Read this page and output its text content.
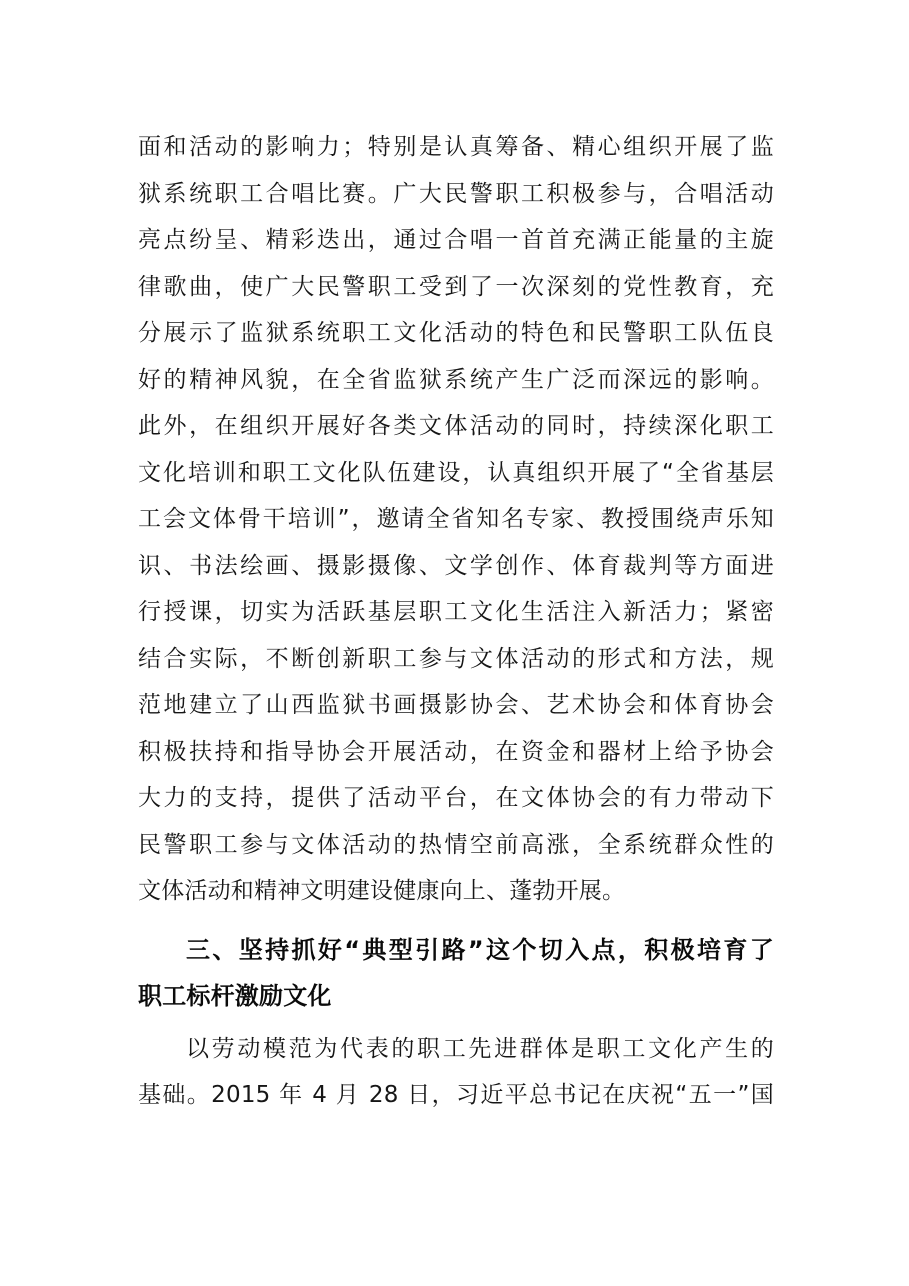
面和活动的影响力；特别是认真筹备、精心组织开展了监
狱系统职工合唱比赛。广大民警职工积极参与，合唱活动
亮点纷呈、精彩迭出，通过合唱一首首充满正能量的主旋
律歌曲，使广大民警职工受到了一次深刻的党性教育，充
分展示了监狱系统职工文化活动的特色和民警职工队伍良
好的精神风貌，在全省监狱系统产生广泛而深远的影响。
此外，在组织开展好各类文体活动的同时，持续深化职工
文化培训和职工文化队伍建设，认真组织开展了“全省基层
工会文体骨干培训”，邀请全省知名专家、教授围绕声乐知
识、书法绘画、摄影摄像、文学创作、体育裁判等方面进
行授课，切实为活跃基层职工文化生活注入新活力；紧密
结合实际，不断创新职工参与文体活动的形式和方法，规
范地建立了山西监狱书画摄影协会、艺术协会和体育协会
积极扶持和指导协会开展活动，在资金和器材上给予协会
大力的支持，提供了活动平台，在文体协会的有力带动下
民警职工参与文体活动的热情空前高涨，全系统群众性的
文体活动和精神文明建设健康向上、蓬勃开展。
三、坚持抓好“典型引路”这个切入点，积极培育了
职工标杆激励文化
以劳动模范为代表的职工先进群体是职工文化产生的
基础。2015 年 4 月 28 日，习近平总书记在庆祝“五一”国
